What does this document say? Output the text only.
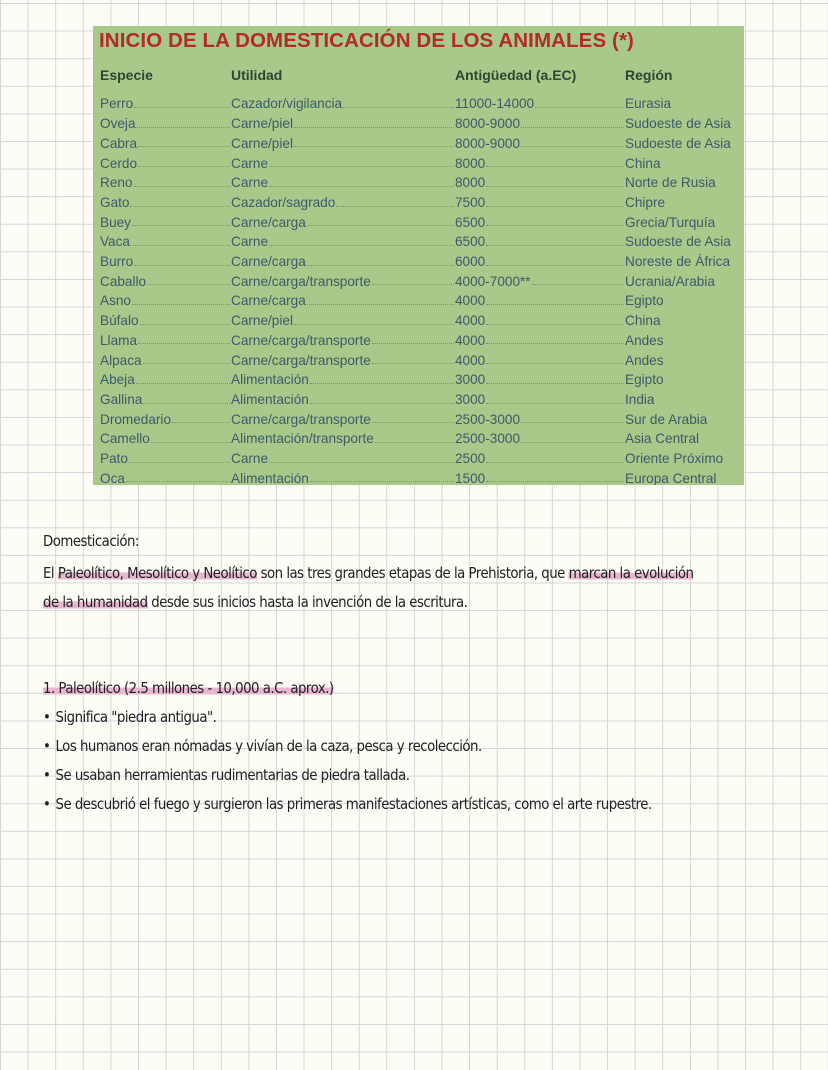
INICIO DE LA DOMESTICACIÓN DE LOS ANIMALES (*)
Especie	Utilidad	Antigüedad (a.EC)	Región
Perro	Cazador/vigilancia	11000-14000	Eurasia
Oveja	Carne/piel	8000-9000	Sudoeste de Asia
Cabra	Carne/piel	8000-9000	Sudoeste de Asia
Cerdo	Carne	8000	China
Reno	Carne	8000	Norte de Rusia
Gato	Cazador/sagrado	7500	Chipre
Buey	Carne/carga	6500	Grecia/Turquía
Vaca	Carne	6500	Sudoeste de Asia
Burro	Carne/carga	6000	Noreste de África
Caballo	Carne/carga/transporte	4000-7000**	Ucrania/Arabia
Asno	Carne/carga	4000	Egipto
Búfalo	Carne/piel	4000	China
Llama	Carne/carga/transporte	4000	Andes
Alpaca	Carne/carga/transporte	4000	Andes
Abeja	Alimentación	3000	Egipto
Gallina	Alimentación	3000	India
Dromedario	Carne/carga/transporte	2500-3000	Sur de Arabia
Camello	Alimentación/transporte	2500-3000	Asia Central
Pato	Carne	2500	Oriente Próximo
Oca	Alimentación	1500	Europa Central
Domesticación:
El Paleolítico, Mesolítico y Neolítico son las tres grandes etapas de la Prehistoria, que marcan la evolución
de la humanidad desde sus inicios hasta la invención de la escritura.
1. Paleolítico (2.5 millones - 10,000 a.C. aprox.)
• Significa "piedra antigua".
• Los humanos eran nómadas y vivían de la caza, pesca y recolección.
• Se usaban herramientas rudimentarias de piedra tallada.
• Se descubrió el fuego y surgieron las primeras manifestaciones artísticas, como el arte rupestre.
